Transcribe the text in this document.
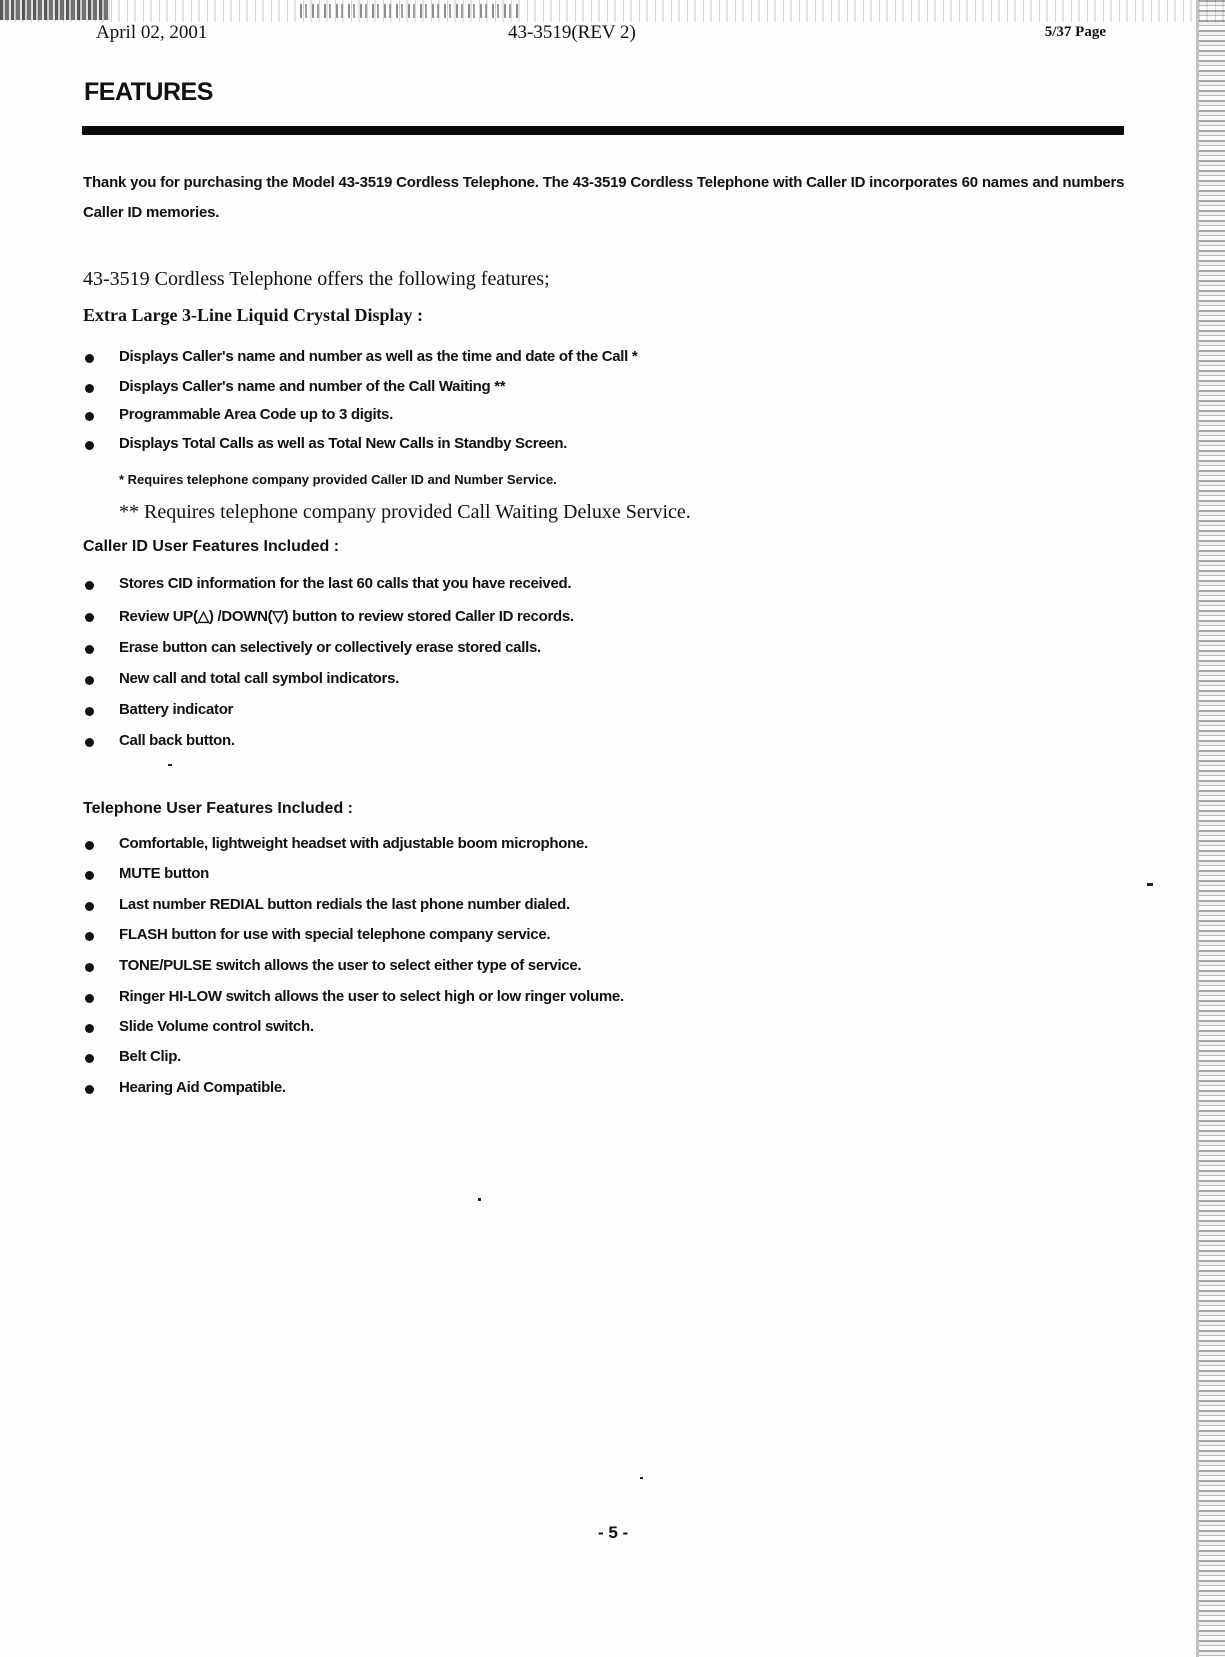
April 02, 2001	43-3519(REV 2)	5/37 Page
FEATURES

Thank you for purchasing the Model 43-3519 Cordless Telephone. The 43-3519 Cordless Telephone with Caller ID incorporates 60 names and numbers Caller ID memories.

43-3519 Cordless Telephone offers the following features;
Extra Large 3-Line Liquid Crystal Display :
Displays Caller's name and number as well as the time and date of the Call *
Displays Caller's name and number of the Call Waiting **
Programmable Area Code up to 3 digits.
Displays Total Calls as well as Total New Calls in Standby Screen.
* Requires telephone company provided Caller ID and Number Service.
** Requires telephone company provided Call Waiting Deluxe Service.
Caller ID User Features Included :
Stores CID information for the last 60 calls that you have received.
Review UP(△) /DOWN(▽) button to review stored Caller ID records.
Erase button can selectively or collectively erase stored calls.
New call and total call symbol indicators.
Battery indicator
Call back button.
Telephone User Features Included :
Comfortable, lightweight headset with adjustable boom microphone.
MUTE button
Last number REDIAL button redials the last phone number dialed.
FLASH button for use with special telephone company service.
TONE/PULSE switch allows the user to select either type of service.
Ringer HI-LOW switch allows the user to select high or low ringer volume.
Slide Volume control switch.
Belt Clip.
Hearing Aid Compatible.
- 5 -
